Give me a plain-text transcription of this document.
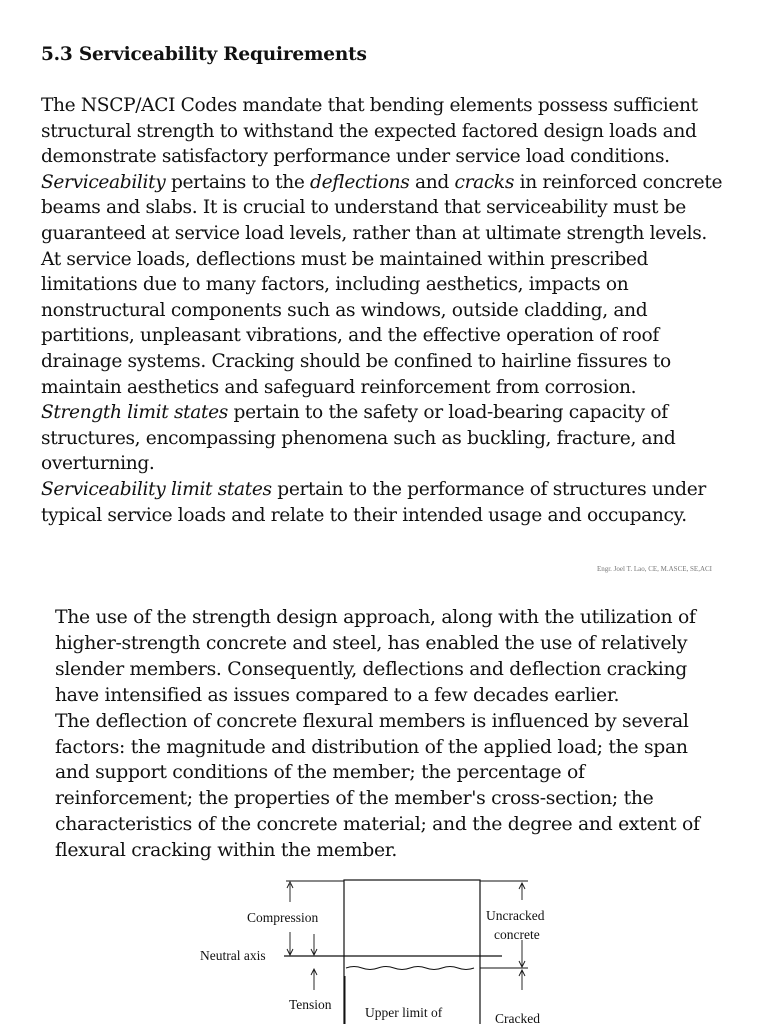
5.3 Serviceability Requirements
The NSCP/ACI Codes mandate that bending elements possess sufficient
structural strength to withstand the expected factored design loads and
demonstrate satisfactory performance under service load conditions.
Serviceability pertains to the deflections and cracks in reinforced concrete
beams and slabs. It is crucial to understand that serviceability must be
guaranteed at service load levels, rather than at ultimate strength levels.
At service loads, deflections must be maintained within prescribed
limitations due to many factors, including aesthetics, impacts on
nonstructural components such as windows, outside cladding, and
partitions, unpleasant vibrations, and the effective operation of roof
drainage systems. Cracking should be confined to hairline fissures to
maintain aesthetics and safeguard reinforcement from corrosion.
Strength limit states pertain to the safety or load-bearing capacity of
structures, encompassing phenomena such as buckling, fracture, and
overturning.
Serviceability limit states pertain to the performance of structures under
typical service loads and relate to their intended usage and occupancy.

Engr. Joel T. Lao, CE, M.ASCE, SE,ACI

The use of the strength design approach, along with the utilization of
higher-strength concrete and steel, has enabled the use of relatively
slender members. Consequently, deflections and deflection cracking
have intensified as issues compared to a few decades earlier.
The deflection of concrete flexural members is influenced by several
factors: the magnitude and distribution of the applied load; the span
and support conditions of the member; the percentage of
reinforcement; the properties of the member's cross-section; the
characteristics of the concrete material; and the degree and extent of
flexural cracking within the member.
Compression
Neutral axis
Tension
Upper limit of
Uncracked
concrete
Cracked
